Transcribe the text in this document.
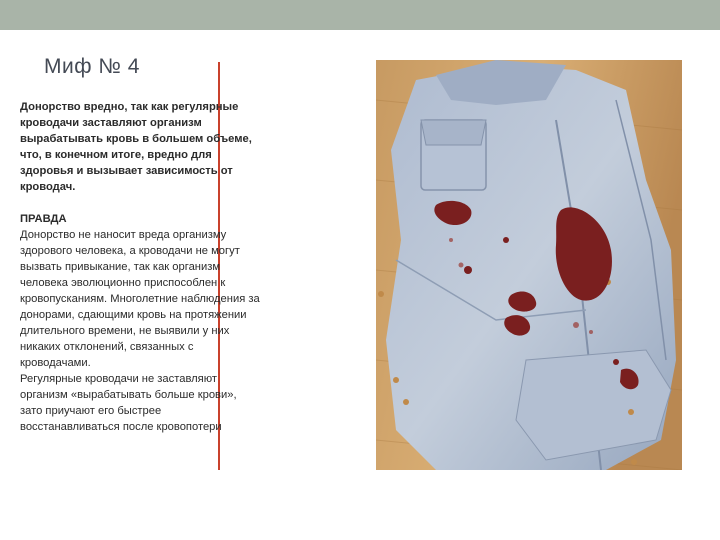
Миф № 4

Донорство вредно, так как регулярные кроводачи заставляют организм вырабатывать кровь в большем объеме, что, в конечном итоге, вредно для здоровья и вызывает зависимость от кроводач.

ПРАВДА

Донорство не наносит вреда организму здорового человека, а кроводачи не могут вызвать привыкание, так как организм человека эволюционно приспособлен к кровопусканиям. Многолетние наблюдения за донорами, сдающими кровь на протяжении длительного времени, не выявили у них никаких отклонений, связанных с кроводачами.

Регулярные кроводачи не заставляют организм «вырабатывать больше крови», зато приучают его быстрее восстанавливаться после кровопотери
